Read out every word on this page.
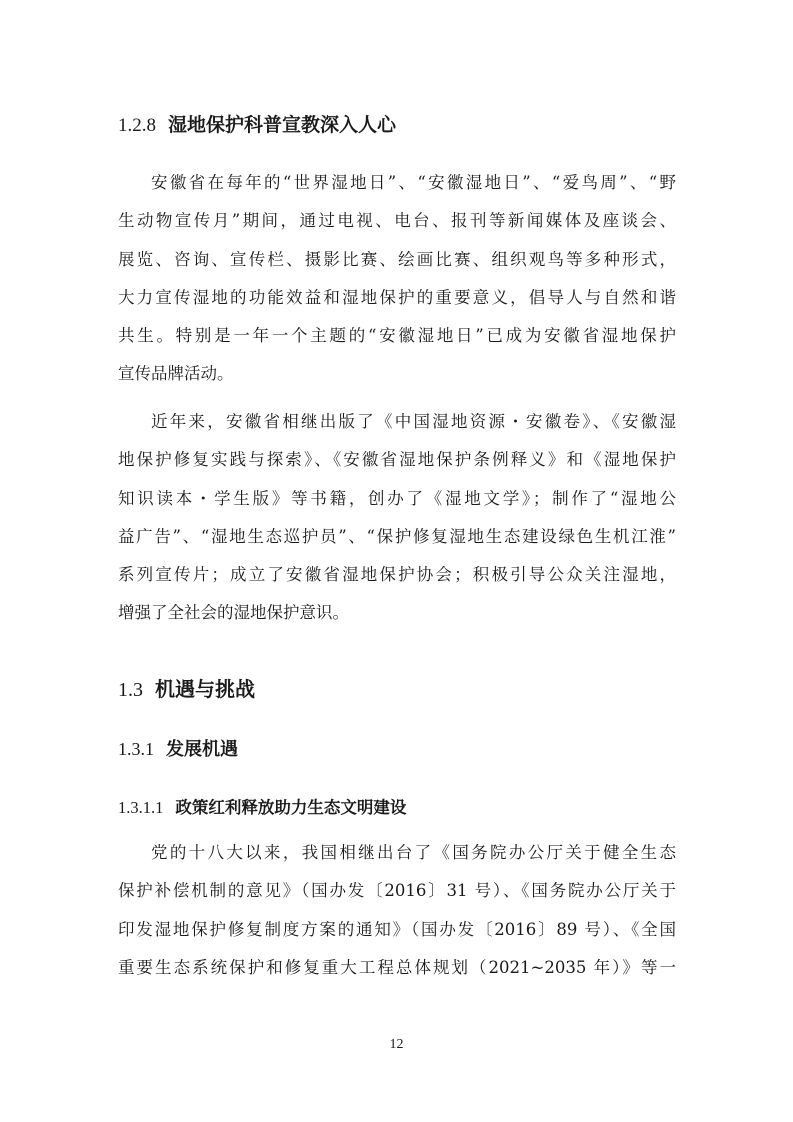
1.2.8 湿地保护科普宣教深入人心
安徽省在每年的“世界湿地日”、“安徽湿地日”、“爱鸟周”、“野
生动物宣传月”期间，通过电视、电台、报刊等新闻媒体及座谈会、
展览、咨询、宣传栏、摄影比赛、绘画比赛、组织观鸟等多种形式，
大力宣传湿地的功能效益和湿地保护的重要意义，倡导人与自然和谐
共生。特别是一年一个主题的“安徽湿地日”已成为安徽省湿地保护
宣传品牌活动。
近年来，安徽省相继出版了《中国湿地资源・安徽卷》、《安徽湿
地保护修复实践与探索》、《安徽省湿地保护条例释义》和《湿地保护
知识读本・学生版》等书籍，创办了《湿地文学》；制作了“湿地公
益广告”、“湿地生态巡护员”、“保护修复湿地生态建设绿色生机江淮”
系列宣传片；成立了安徽省湿地保护协会；积极引导公众关注湿地，
增强了全社会的湿地保护意识。
1.3 机遇与挑战
1.3.1 发展机遇
1.3.1.1 政策红利释放助力生态文明建设
党的十八大以来，我国相继出台了《国务院办公厅关于健全生态
保护补偿机制的意见》（国办发〔2016〕31 号）、《国务院办公厅关于
印发湿地保护修复制度方案的通知》（国办发〔2016〕89 号）、《全国
重要生态系统保护和修复重大工程总体规划（2021~2035 年）》等一
12
